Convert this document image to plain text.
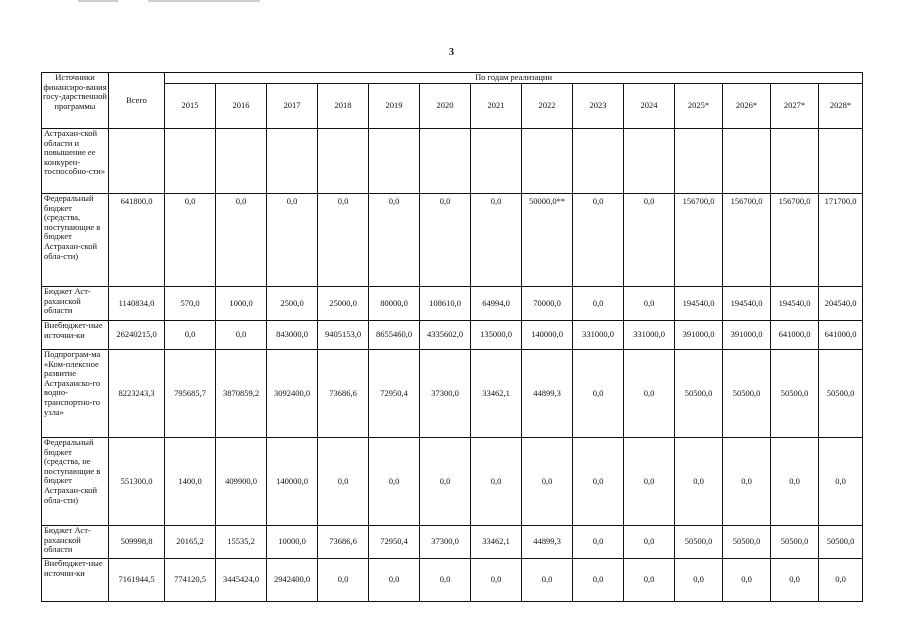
3
Источники финансиро-вания госу-дарственной программы	Всего	По годам реализации													
		2015	2016	2017	2018	2019	2020	2021	2022	2023	2024	2025*	2026*	2027*	2028*
Астрахан-ской области и повышение ее конкурен-тоспособно-сти»															
Федеральный бюджет (средства, поступающие в бюджет Астрахан-ской обла-сти)	641800,0	0,0	0,0	0,0	0,0	0,0	0,0	0,0	50000,0**	0,0	0,0	156700,0	156700,0	156700,0	171700,0
Бюджет Аст-раханской области	1140834,0	570,0	1000,0	2500,0	25000,0	80000,0	108610,0	64994,0	70000,0	0,0	0,0	194540,0	194540,0	194540,0	204540,0
Внебюджет-ные источни-ки	26240215,0	0,0	0,0	843000,0	9405153,0	8655460,0	4335602,0	135000,0	140000,0	331000,0	331000,0	391000,0	391000,0	641000,0	641000,0
Подпрограм-ма «Ком-плексное развитие Астраханско-го водно-транспортно-го узла»	8223243,3	795685,7	3870859,2	3092400,0	73686,6	72950,4	37300,0	33462,1	44899,3	0,0	0,0	50500,0	50500,0	50500,0	50500,0
Федеральный бюджет (средства, не поступающие в бюджет Астрахан-ской обла-сти)	551300,0	1400,0	409900,0	140000,0	0,0	0,0	0,0	0,0	0,0	0,0	0,0	0,0	0,0	0,0	0,0
Бюджет Аст-раханской области	509998,8	20165,2	15535,2	10000,0	73686,6	72950,4	37300,0	33462,1	44899,3	0,0	0,0	50500,0	50500,0	50500,0	50500,0
Внебюджет-ные источни-ки	7161944,5	774120,5	3445424,0	2942400,0	0,0	0,0	0,0	0,0	0,0	0,0	0,0	0,0	0,0	0,0	0,0
